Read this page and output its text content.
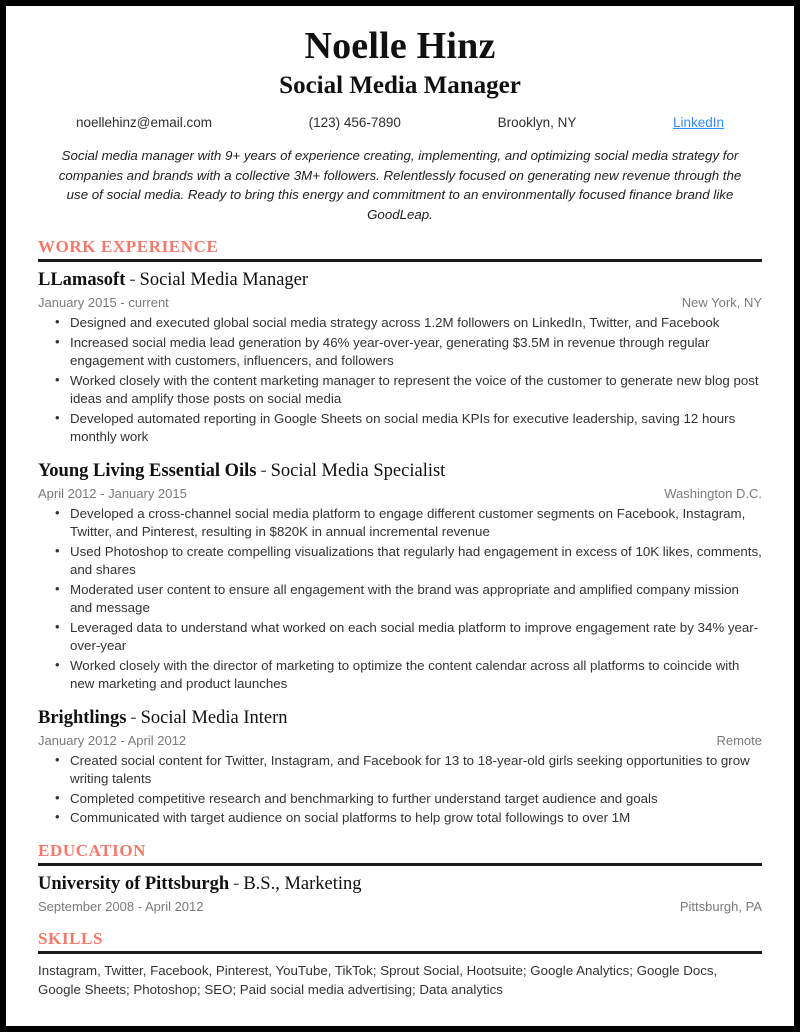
Noelle Hinz
Social Media Manager
noellehinz@email.com	(123) 456-7890	Brooklyn, NY	LinkedIn
Social media manager with 9+ years of experience creating, implementing, and optimizing social media strategy for companies and brands with a collective 3M+ followers. Relentlessly focused on generating new revenue through the use of social media. Ready to bring this energy and commitment to an environmentally focused finance brand like GoodLeap.
WORK EXPERIENCE
LLamasoft - Social Media Manager
January 2015 - current	New York, NY
• Designed and executed global social media strategy across 1.2M followers on LinkedIn, Twitter, and Facebook
• Increased social media lead generation by 46% year-over-year, generating $3.5M in revenue through regular engagement with customers, influencers, and followers
• Worked closely with the content marketing manager to represent the voice of the customer to generate new blog post ideas and amplify those posts on social media
• Developed automated reporting in Google Sheets on social media KPIs for executive leadership, saving 12 hours monthly work
Young Living Essential Oils - Social Media Specialist
April 2012 - January 2015	Washington D.C.
• Developed a cross-channel social media platform to engage different customer segments on Facebook, Instagram, Twitter, and Pinterest, resulting in $820K in annual incremental revenue
• Used Photoshop to create compelling visualizations that regularly had engagement in excess of 10K likes, comments, and shares
• Moderated user content to ensure all engagement with the brand was appropriate and amplified company mission and message
• Leveraged data to understand what worked on each social media platform to improve engagement rate by 34% year-over-year
• Worked closely with the director of marketing to optimize the content calendar across all platforms to coincide with new marketing and product launches
Brightlings - Social Media Intern
January 2012 - April 2012	Remote
• Created social content for Twitter, Instagram, and Facebook for 13 to 18-year-old girls seeking opportunities to grow writing talents
• Completed competitive research and benchmarking to further understand target audience and goals
• Communicated with target audience on social platforms to help grow total followings to over 1M
EDUCATION
University of Pittsburgh - B.S., Marketing
September 2008 - April 2012	Pittsburgh, PA
SKILLS
Instagram, Twitter, Facebook, Pinterest, YouTube, TikTok; Sprout Social, Hootsuite; Google Analytics; Google Docs, Google Sheets; Photoshop; SEO; Paid social media advertising; Data analytics
